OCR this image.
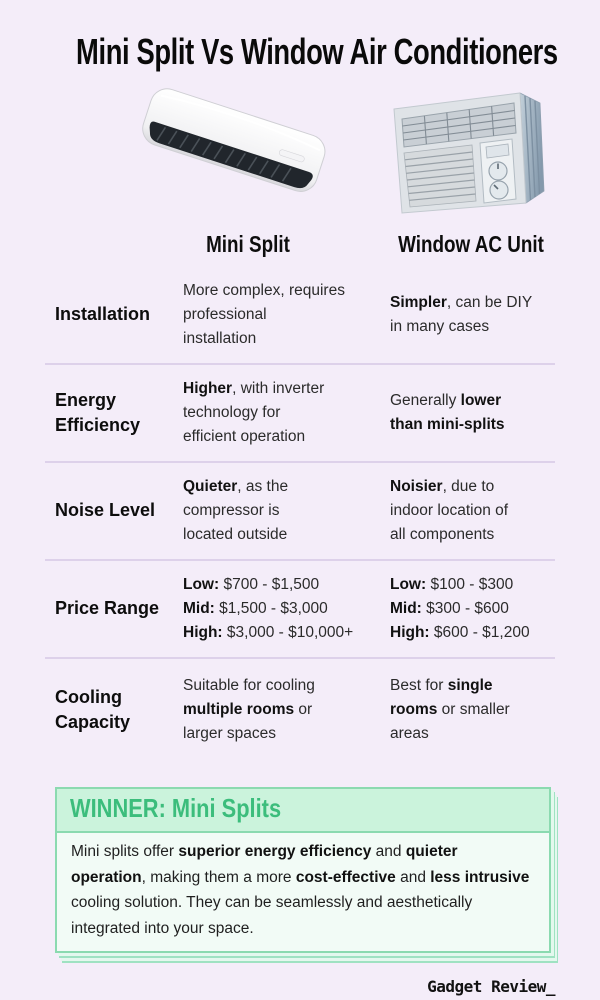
Mini Split Vs Window Air Conditioners
Mini Split	Window AC Unit
Installation
More complex, requires
professional
installation
Simpler, can be DIY
in many cases
Energy Efficiency
Higher, with inverter
technology for
efficient operation
Generally lower
than mini-splits
Noise Level
Quieter, as the
compressor is
located outside
Noisier, due to
indoor location of
all components
Price Range
Low: $700 - $1,500
Mid: $1,500 - $3,000
High: $3,000 - $10,000+
Low: $100 - $300
Mid: $300 - $600
High: $600 - $1,200
Cooling Capacity
Suitable for cooling
multiple rooms or
larger spaces
Best for single
rooms or smaller
areas
WINNER: Mini Splits
Mini splits offer superior energy efficiency and quieter
operation, making them a more cost-effective and less intrusive
cooling solution. They can be seamlessly and aesthetically
integrated into your space.
Gadget Review_
